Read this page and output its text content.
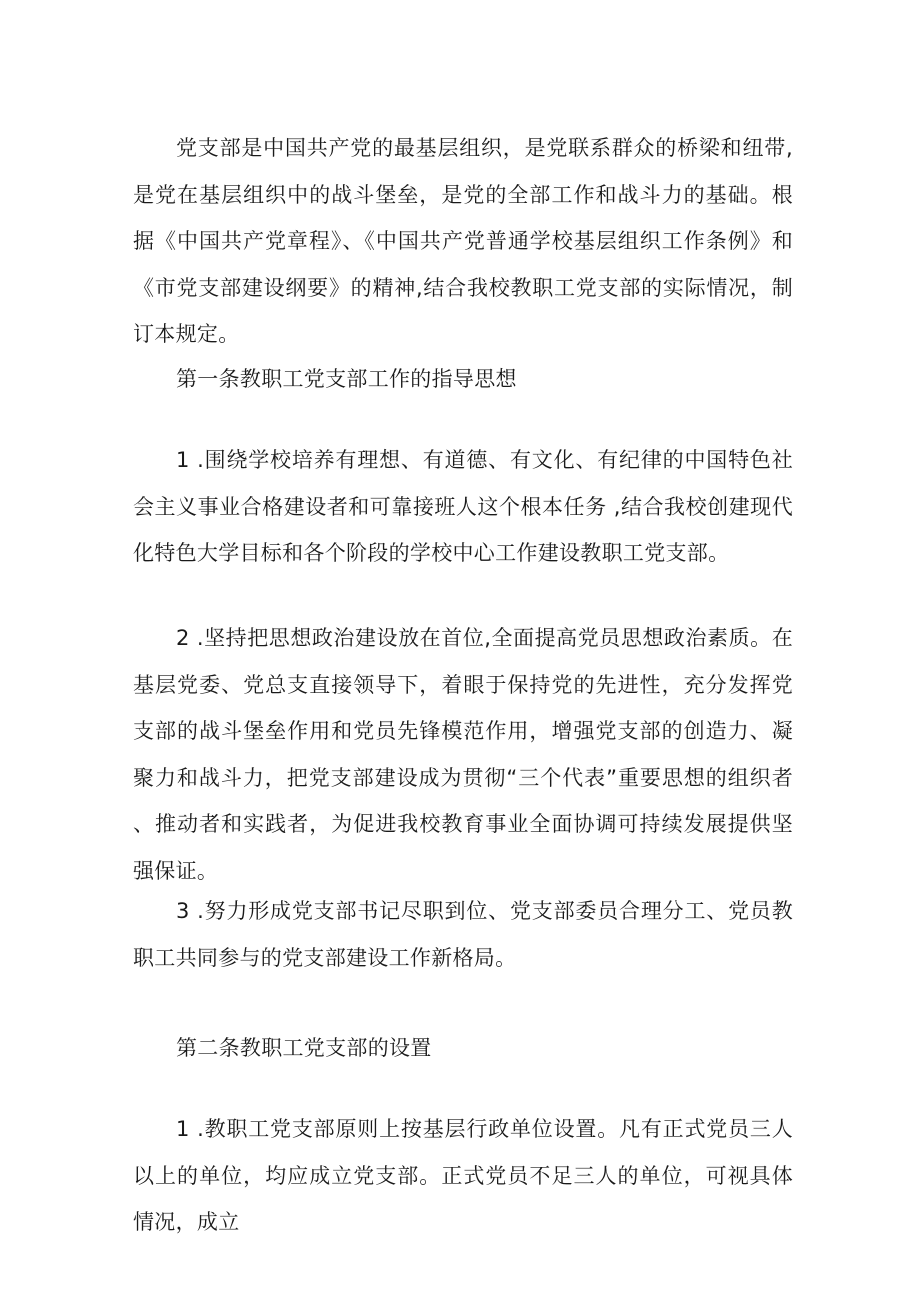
党支部是中国共产党的最基层组织，是党联系群众的桥梁和纽带,是党在基层组织中的战斗堡垒，是党的全部工作和战斗力的基础。根据《中国共产党章程》、《中国共产党普通学校基层组织工作条例》和《市党支部建设纲要》的精神,结合我校教职工党支部的实际情况，制订本规定。

第一条教职工党支部工作的指导思想

1 .围绕学校培养有理想、有道德、有文化、有纪律的中国特色社会主义事业合格建设者和可靠接班人这个根本任务 ,结合我校创建现代化特色大学目标和各个阶段的学校中心工作建设教职工党支部。

2 .坚持把思想政治建设放在首位,全面提高党员思想政治素质。在基层党委、党总支直接领导下，着眼于保持党的先进性，充分发挥党支部的战斗堡垒作用和党员先锋模范作用，增强党支部的创造力、凝聚力和战斗力，把党支部建设成为贯彻“三个代表”重要思想的组织者、推动者和实践者，为促进我校教育事业全面协调可持续发展提供坚强保证。

3 .努力形成党支部书记尽职到位、党支部委员合理分工、党员教职工共同参与的党支部建设工作新格局。

第二条教职工党支部的设置

1 .教职工党支部原则上按基层行政单位设置。凡有正式党员三人以上的单位，均应成立党支部。正式党员不足三人的单位，可视具体情况，成立
